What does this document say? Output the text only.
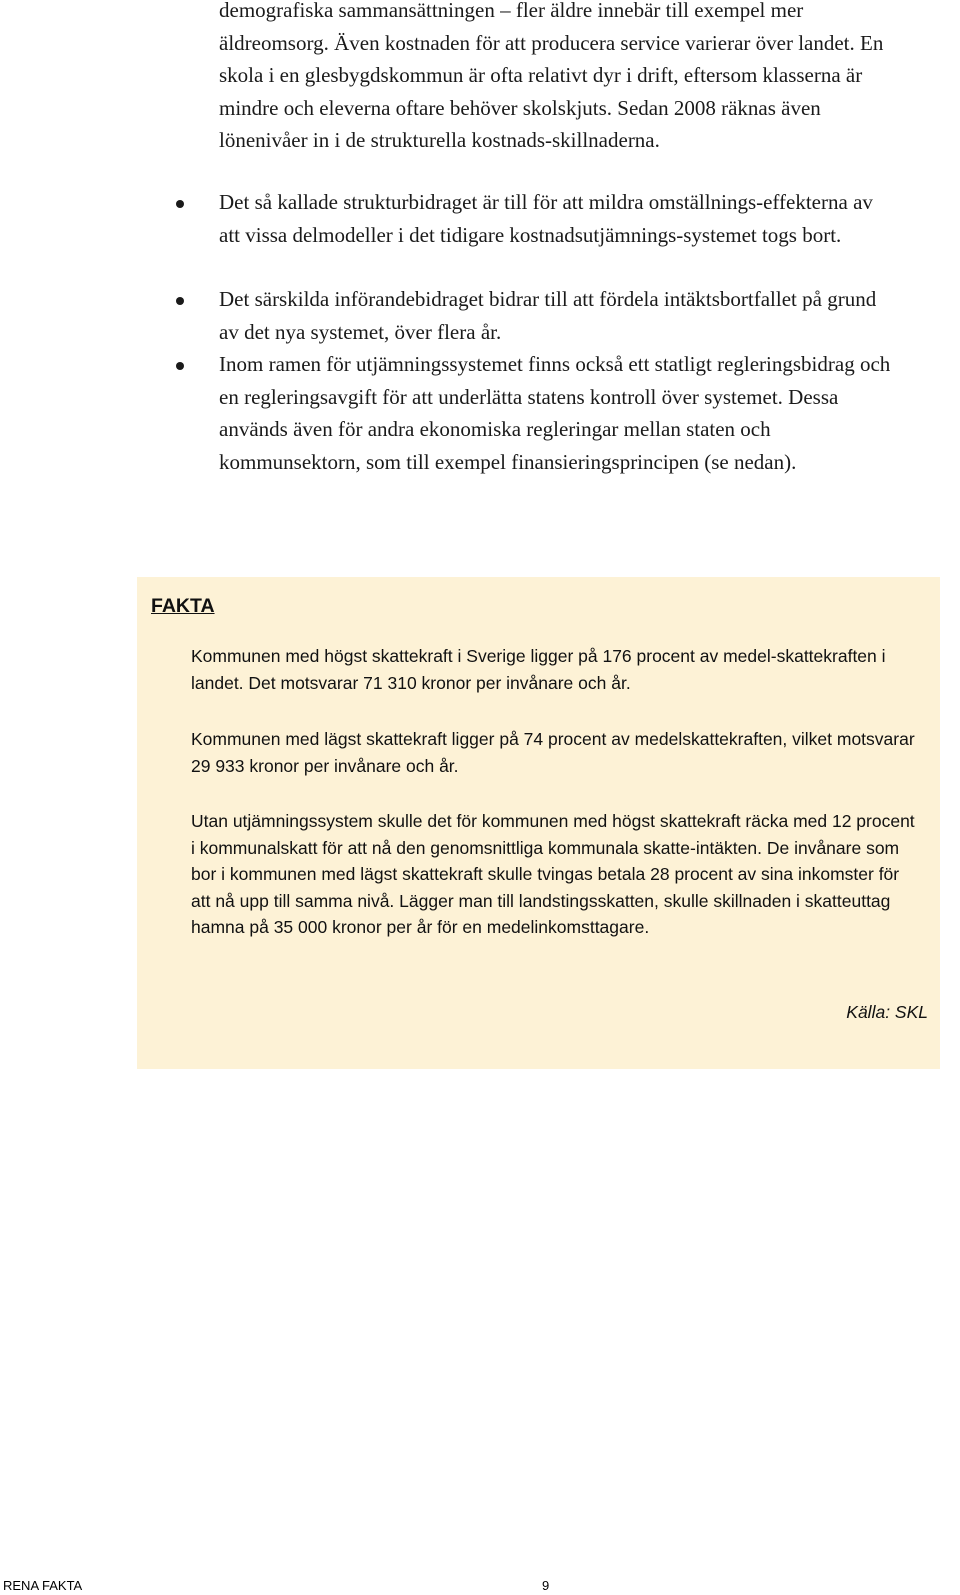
demografiska sammansättningen – fler äldre innebär till exempel mer äldreomsorg. Även kostnaden för att producera service varierar över landet. En skola i en glesbygdskommun är ofta relativt dyr i drift, eftersom klasserna är mindre och eleverna oftare behöver skolskjuts. Sedan 2008 räknas även lönenivåer in i de strukturella kostnads-skillnaderna.

Det så kallade strukturbidraget är till för att mildra omställnings-effekterna av att vissa delmodeller i det tidigare kostnadsutjämnings-systemet togs bort.

Det särskilda införandebidraget bidrar till att fördela intäktsbortfallet på grund av det nya systemet, över flera år.

Inom ramen för utjämningssystemet finns också ett statligt regleringsbidrag och en regleringsavgift för att underlätta statens kontroll över systemet. Dessa används även för andra ekonomiska regleringar mellan staten och kommunsektorn, som till exempel finansieringsprincipen (se nedan).

FAKTA

Kommunen med högst skattekraft i Sverige ligger på 176 procent av medel-skattekraften i landet. Det motsvarar 71 310 kronor per invånare och år.

Kommunen med lägst skattekraft ligger på 74 procent av medelskattekraften, vilket motsvarar 29 933 kronor per invånare och år.

Utan utjämningssystem skulle det för kommunen med högst skattekraft räcka med 12 procent i kommunalskatt för att nå den genomsnittliga kommunala skatte-intäkten. De invånare som bor i kommunen med lägst skattekraft skulle tvingas betala 28 procent av sina inkomster för att nå upp till samma nivå. Lägger man till landstingsskatten, skulle skillnaden i skatteuttag hamna på 35 000 kronor per år för en medelinkomsttagare.

Källa: SKL

RENA FAKTA	9
